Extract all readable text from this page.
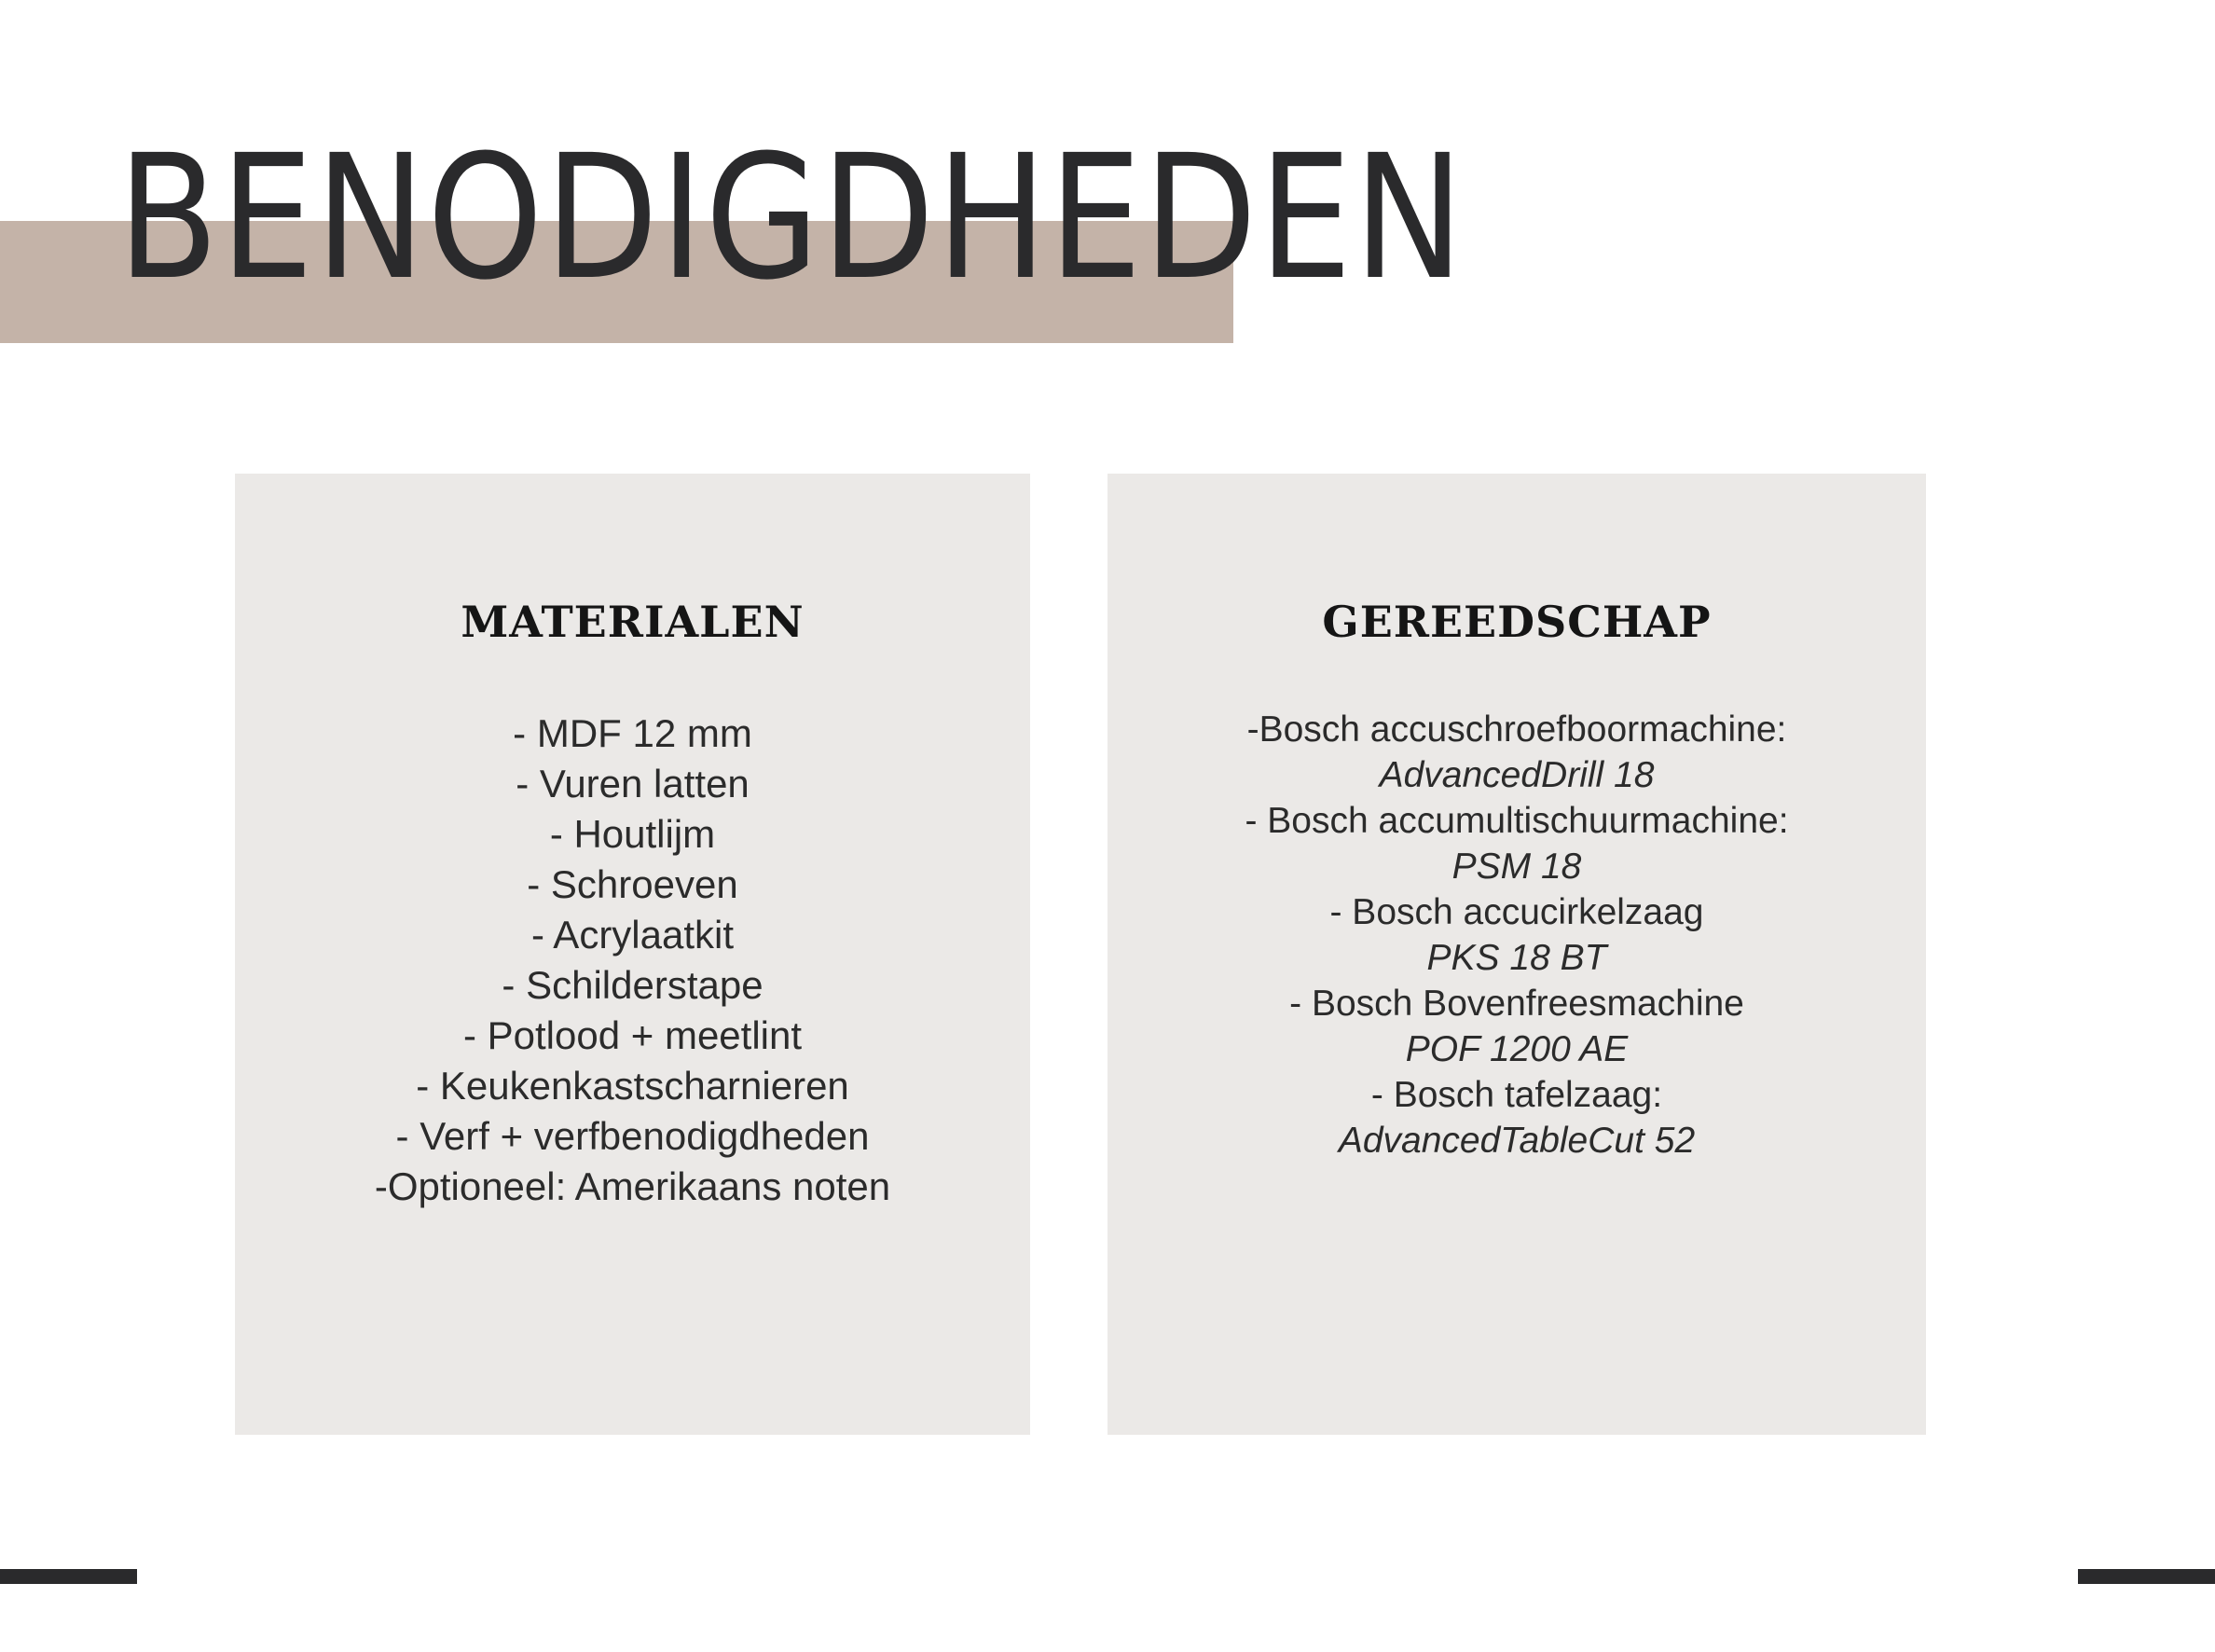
BENODIGDHEDEN
MATERIALEN
- MDF 12 mm
- Vuren latten
- Houtlijm
- Schroeven
- Acrylaatkit
- Schilderstape
- Potlood + meetlint
- Keukenkastscharnieren
- Verf + verfbenodigdheden
-Optioneel: Amerikaans noten
GEREEDSCHAP
-Bosch accuschroefboormachine:
AdvancedDrill 18
- Bosch accumultischuurmachine:
PSM 18
- Bosch accucirkelzaag
PKS 18 BT
- Bosch Bovenfreesmachine
POF 1200 AE
- Bosch tafelzaag:
AdvancedTableCut 52
